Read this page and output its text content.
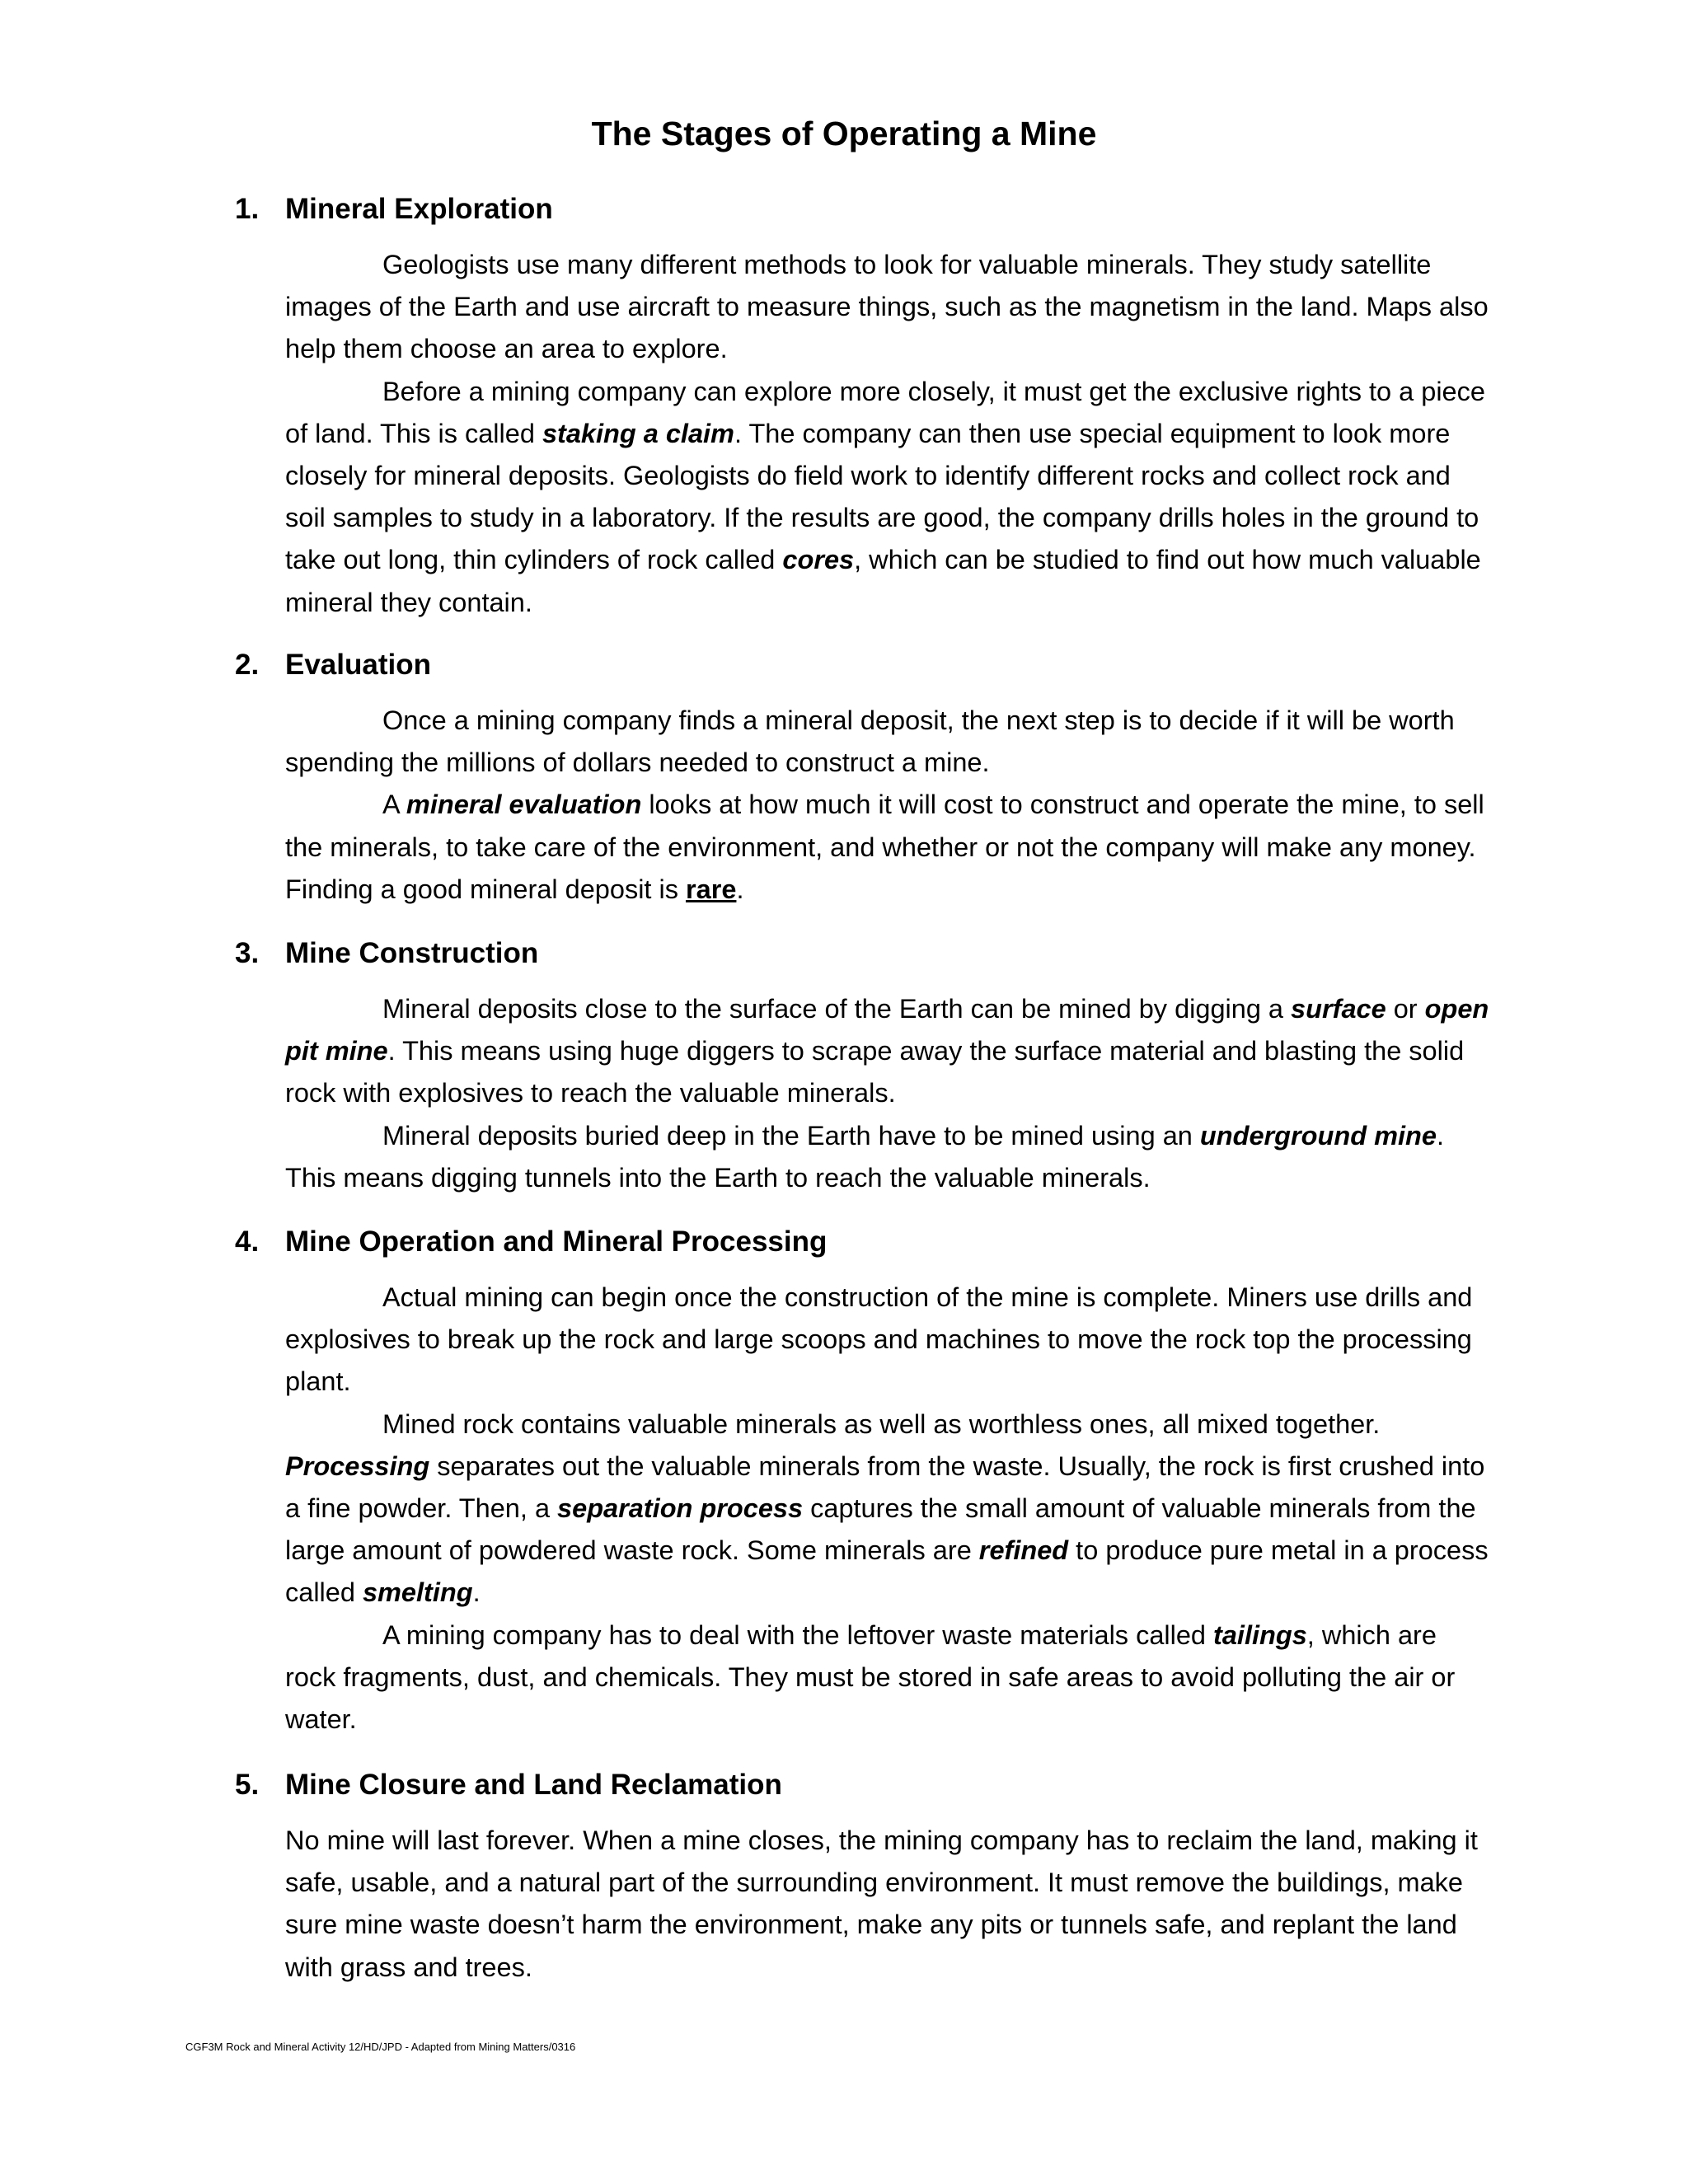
The Stages of Operating a Mine
1. Mineral Exploration

Geologists use many different methods to look for valuable minerals. They study satellite images of the Earth and use aircraft to measure things, such as the magnetism in the land. Maps also help them choose an area to explore.

Before a mining company can explore more closely, it must get the exclusive rights to a piece of land. This is called staking a claim. The company can then use special equipment to look more closely for mineral deposits. Geologists do field work to identify different rocks and collect rock and soil samples to study in a laboratory. If the results are good, the company drills holes in the ground to take out long, thin cylinders of rock called cores, which can be studied to find out how much valuable mineral they contain.

2. Evaluation

Once a mining company finds a mineral deposit, the next step is to decide if it will be worth spending the millions of dollars needed to construct a mine.

A mineral evaluation looks at how much it will cost to construct and operate the mine, to sell the minerals, to take care of the environment, and whether or not the company will make any money. Finding a good mineral deposit is rare.

3. Mine Construction

Mineral deposits close to the surface of the Earth can be mined by digging a surface or open pit mine. This means using huge diggers to scrape away the surface material and blasting the solid rock with explosives to reach the valuable minerals.

Mineral deposits buried deep in the Earth have to be mined using an underground mine. This means digging tunnels into the Earth to reach the valuable minerals.

4. Mine Operation and Mineral Processing

Actual mining can begin once the construction of the mine is complete. Miners use drills and explosives to break up the rock and large scoops and machines to move the rock top the processing plant.

Mined rock contains valuable minerals as well as worthless ones, all mixed together. Processing separates out the valuable minerals from the waste. Usually, the rock is first crushed into a fine powder. Then, a separation process captures the small amount of valuable minerals from the large amount of powdered waste rock. Some minerals are refined to produce pure metal in a process called smelting.

A mining company has to deal with the leftover waste materials called tailings, which are rock fragments, dust, and chemicals. They must be stored in safe areas to avoid polluting the air or water.

5. Mine Closure and Land Reclamation

No mine will last forever. When a mine closes, the mining company has to reclaim the land, making it safe, usable, and a natural part of the surrounding environment. It must remove the buildings, make sure mine waste doesn’t harm the environment, make any pits or tunnels safe, and replant the land with grass and trees.

CGF3M Rock and Mineral Activity 12/HD/JPD - Adapted from Mining Matters/0316
